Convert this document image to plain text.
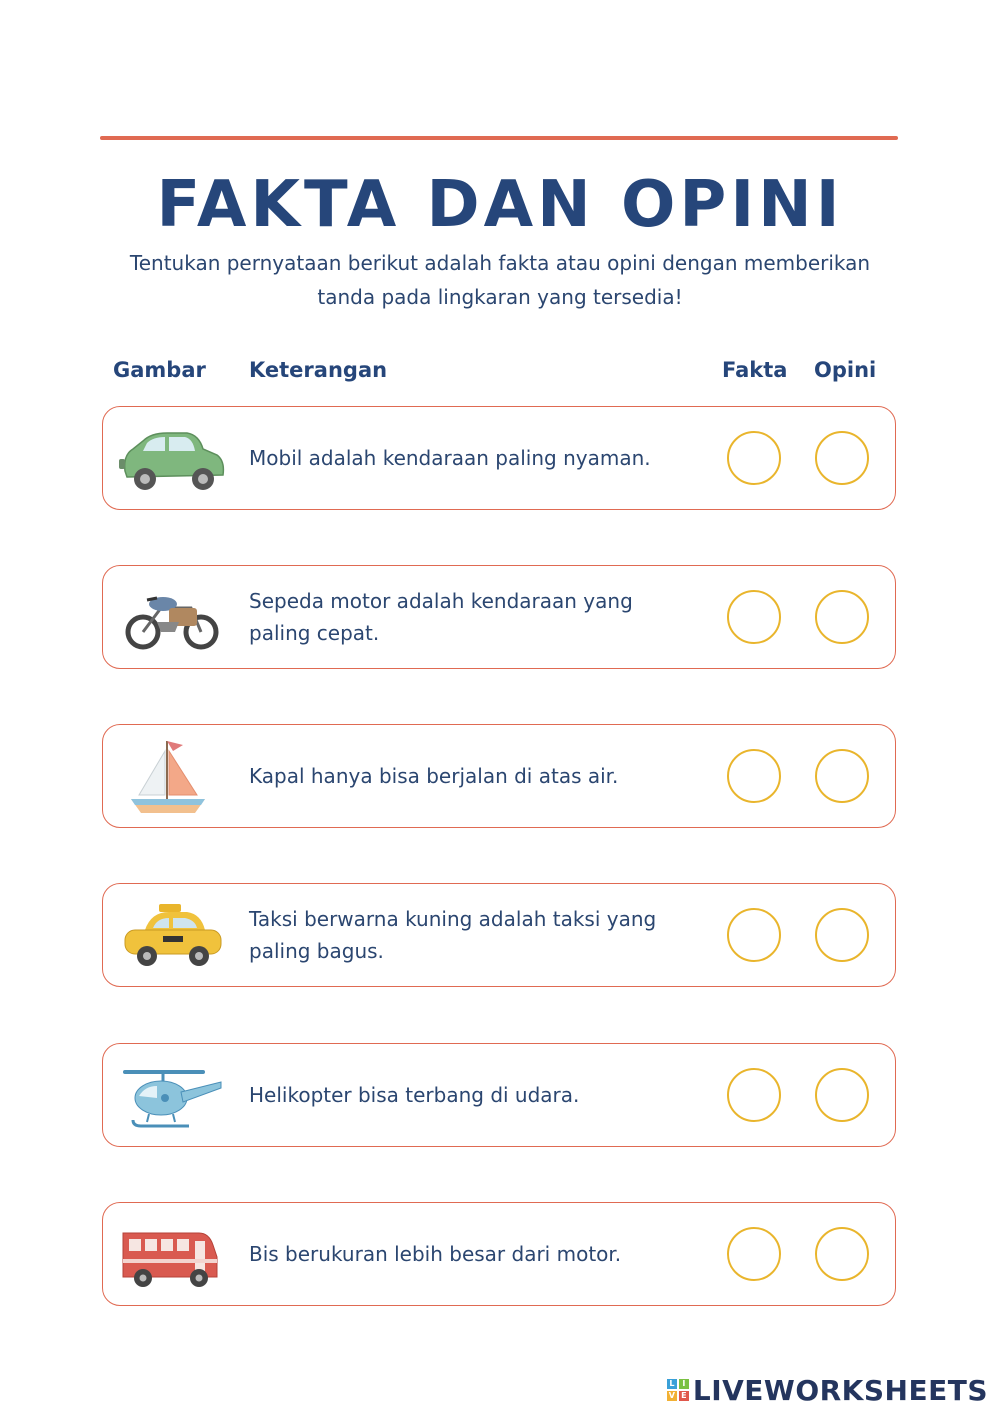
FAKTA DAN OPINI
Tentukan pernyataan berikut adalah fakta atau opini dengan memberikan tanda pada lingkaran yang tersedia!
Gambar Keterangan	Fakta Opini
Mobil adalah kendaraan paling nyaman.
Sepeda motor adalah kendaraan yang paling cepat.
Kapal hanya bisa berjalan di atas air.
Taksi berwarna kuning adalah taksi yang paling bagus.
Helikopter bisa terbang di udara.
Bis berukuran lebih besar dari motor.
L I
V E LIVEWORKSHEETS
